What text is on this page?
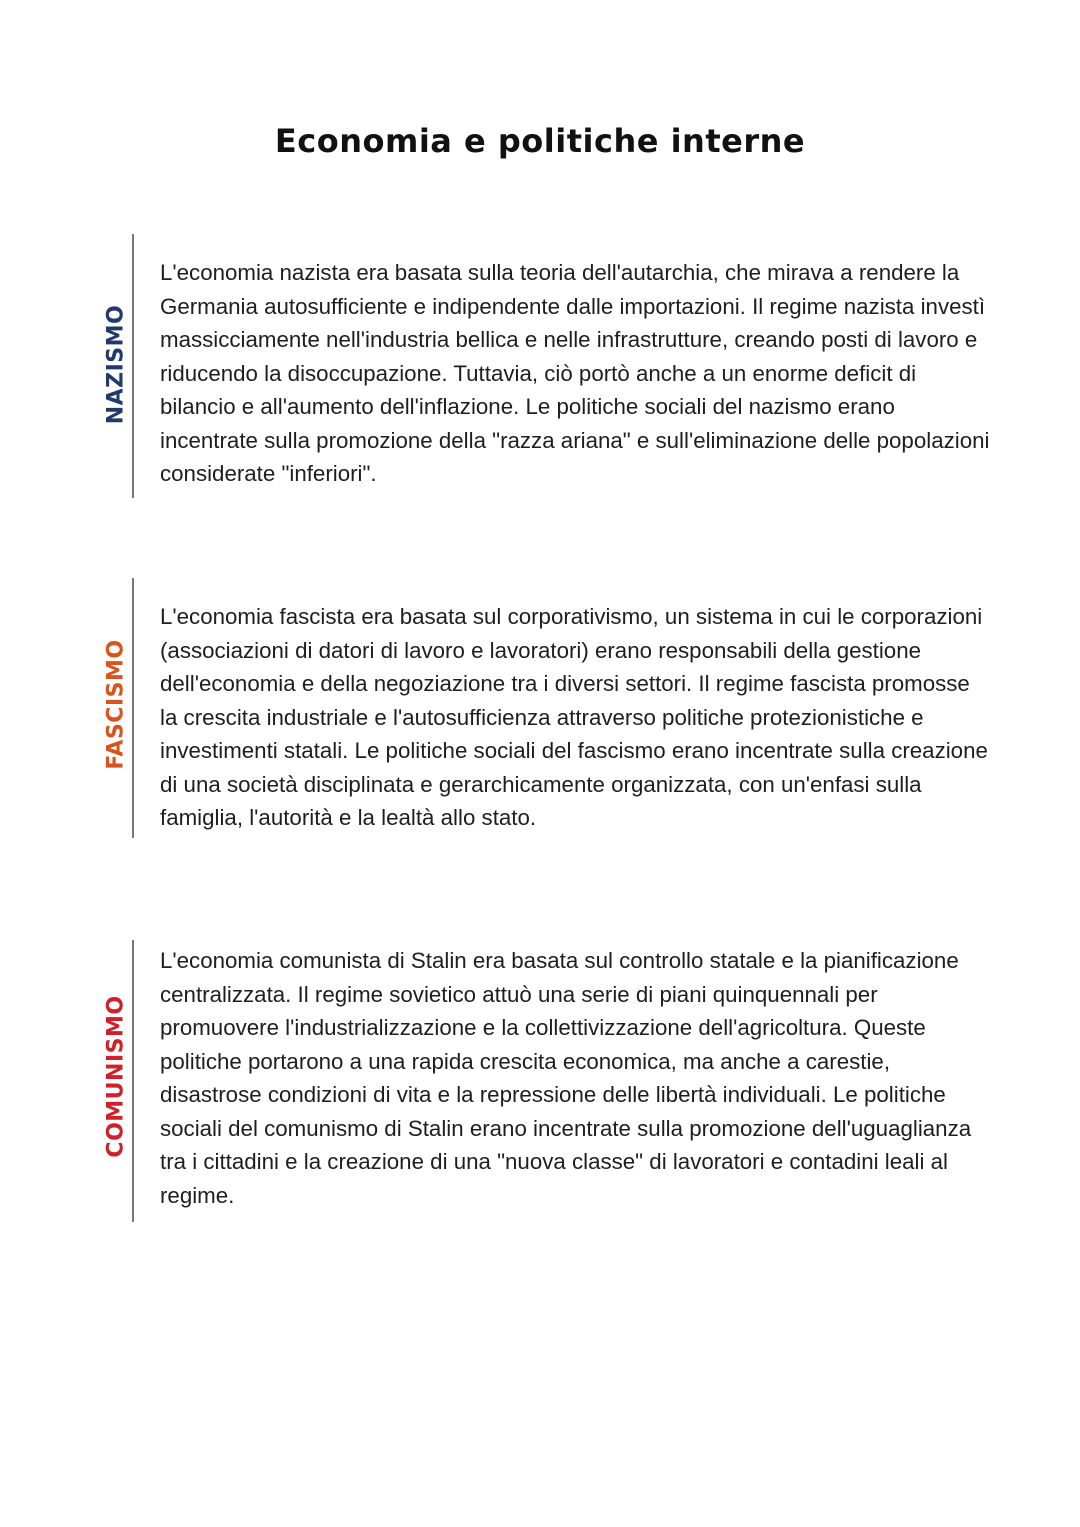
Economia e politiche interne
NAZISMO

L'economia nazista era basata sulla teoria dell'autarchia, che mirava a rendere la Germania autosufficiente e indipendente dalle importazioni. Il regime nazista investì massicciamente nell'industria bellica e nelle infrastrutture, creando posti di lavoro e riducendo la disoccupazione. Tuttavia, ciò portò anche a un enorme deficit di bilancio e all'aumento dell'inflazione. Le politiche sociali del nazismo erano incentrate sulla promozione della "razza ariana" e sull'eliminazione delle popolazioni considerate "inferiori".

FASCISMO

L'economia fascista era basata sul corporativismo, un sistema in cui le corporazioni (associazioni di datori di lavoro e lavoratori) erano responsabili della gestione dell'economia e della negoziazione tra i diversi settori. Il regime fascista promosse la crescita industriale e l'autosufficienza attraverso politiche protezionistiche e investimenti statali. Le politiche sociali del fascismo erano incentrate sulla creazione di una società disciplinata e gerarchicamente organizzata, con un'enfasi sulla famiglia, l'autorità e la lealtà allo stato.

COMUNISMO

L'economia comunista di Stalin era basata sul controllo statale e la pianificazione centralizzata. Il regime sovietico attuò una serie di piani quinquennali per promuovere l'industrializzazione e la collettivizzazione dell'agricoltura. Queste politiche portarono a una rapida crescita economica, ma anche a carestie, disastrose condizioni di vita e la repressione delle libertà individuali. Le politiche sociali del comunismo di Stalin erano incentrate sulla promozione dell'uguaglianza tra i cittadini e la creazione di una "nuova classe" di lavoratori e contadini leali al regime.
